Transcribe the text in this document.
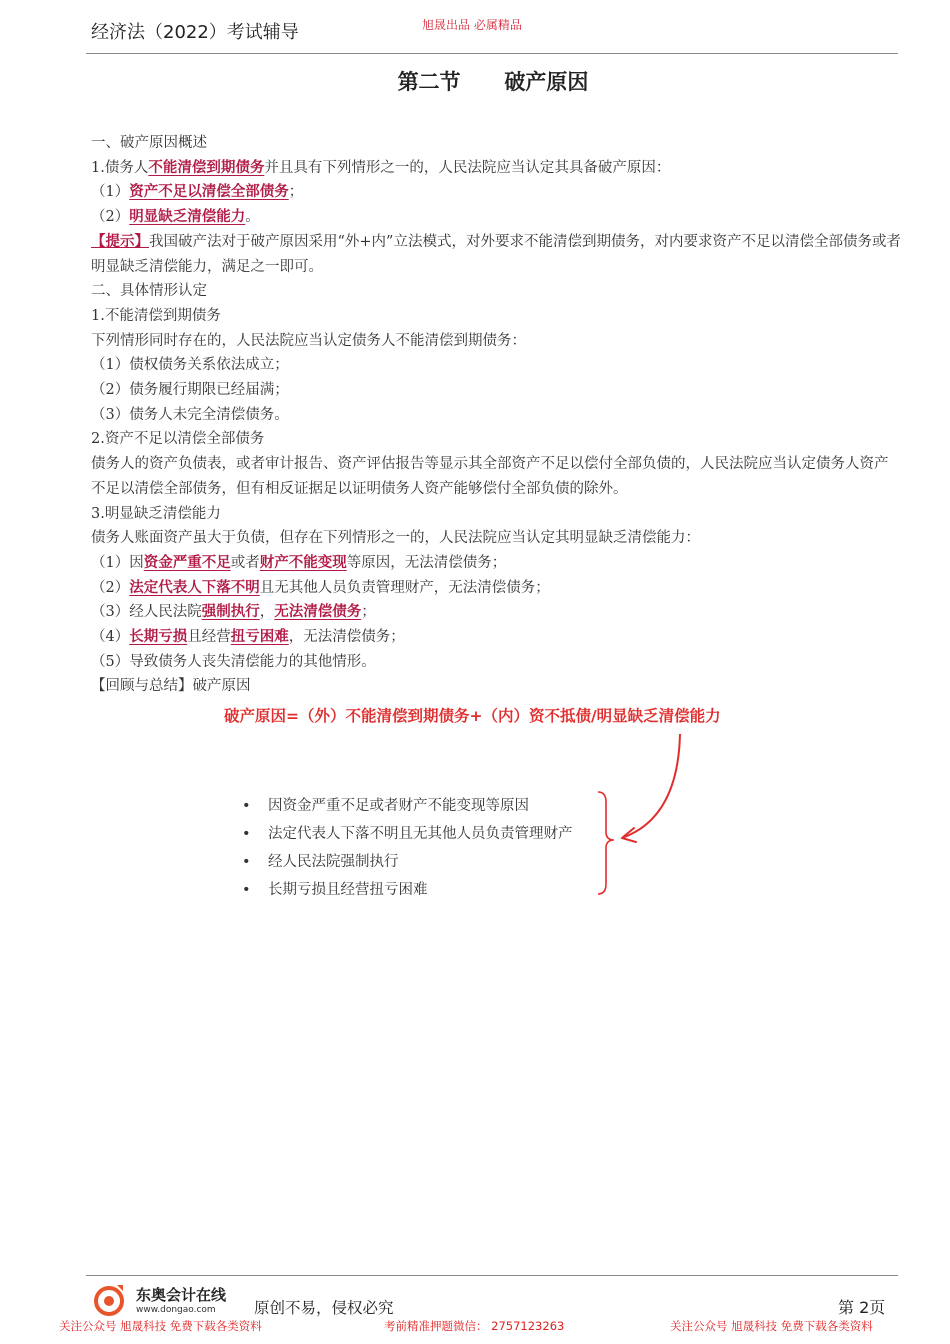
经济法（2022）考试辅导	旭晟出品 必属精品
第二节      破产原因

一、破产原因概述

1.债务人不能清偿到期债务并且具有下列情形之一的，人民法院应当认定其具备破产原因：

（1）资产不足以清偿全部债务；

（2）明显缺乏清偿能力。

【提示】我国破产法对于破产原因采用“外+内”立法模式，对外要求不能清偿到期债务，对内要求资产不足以清偿全部债务或者明显缺乏清偿能力，满足之一即可。

二、具体情形认定

1.不能清偿到期债务

下列情形同时存在的，人民法院应当认定债务人不能清偿到期债务：

（1）债权债务关系依法成立；

（2）债务履行期限已经届满；

（3）债务人未完全清偿债务。

2.资产不足以清偿全部债务

债务人的资产负债表，或者审计报告、资产评估报告等显示其全部资产不足以偿付全部负债的，人民法院应当认定债务人资产不足以清偿全部债务，但有相反证据足以证明债务人资产能够偿付全部负债的除外。

3.明显缺乏清偿能力

债务人账面资产虽大于负债，但存在下列情形之一的，人民法院应当认定其明显缺乏清偿能力：

（1）因资金严重不足或者财产不能变现等原因，无法清偿债务；

（2）法定代表人下落不明且无其他人员负责管理财产，无法清偿债务；

（3）经人民法院强制执行，无法清偿债务；

（4）长期亏损且经营扭亏困难，无法清偿债务；

（5）导致债务人丧失清偿能力的其他情形。

【回顾与总结】破产原因

破产原因=（外）不能清偿到期债务+（内）资不抵债/明显缺乏清偿能力
• 因资金严重不足或者财产不能变现等原因
• 法定代表人下落不明且无其他人员负责管理财产
• 经人民法院强制执行
• 长期亏损且经营扭亏困难
东奥会计在线
www.dongao.com 原创不易，侵权必究	第 2页
关注公众号 旭晟科技 免费下载各类资料	考前精准押题微信： 2757123263	关注公众号 旭晟科技 免费下载各类资料
